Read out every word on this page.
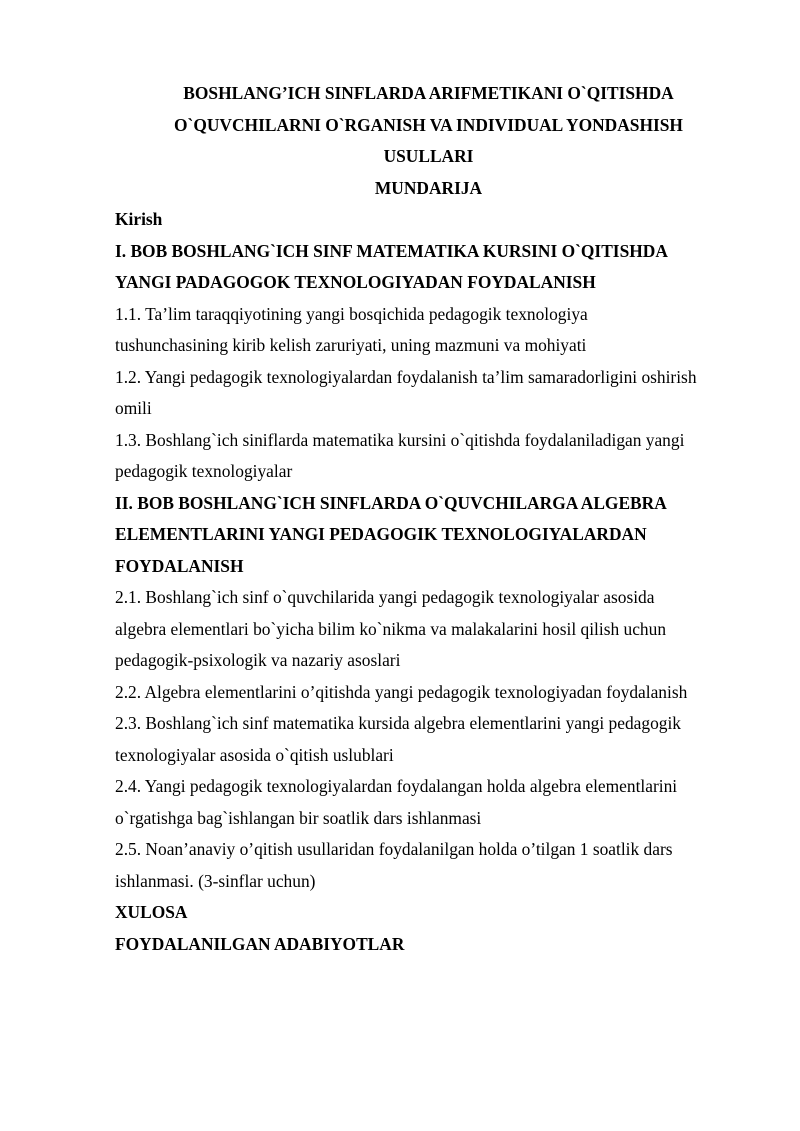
BOSHLANG’ICH SINFLARDA ARIFMETIKANI O`QITISHDA
O`QUVCHILARNI O`RGANISH VA INDIVIDUAL YONDASHISH
USULLARI
MUNDARIJA
Kirish
I. BOB BOSHLANG`ICH SINF MATEMATIKA KURSINI O`QITISHDA
YANGI PADAGOGOK TEXNOLOGIYADAN FOYDALANISH
1.1. Ta’lim taraqqiyotining yangi bosqichida pedagogik texnologiya
tushunchasining kirib kelish zaruriyati, uning mazmuni va mohiyati
1.2. Yangi pedagogik texnologiyalardan foydalanish ta’lim samaradorligini oshirish
omili
1.3. Boshlang`ich siniflarda matematika kursini o`qitishda foydalaniladigan yangi
pedagogik texnologiyalar
II. BOB BOSHLANG`ICH SINFLARDA O`QUVCHILARGA ALGEBRA
ELEMENTLARINI YANGI PEDAGOGIK TEXNOLOGIYALARDAN
FOYDALANISH
2.1. Boshlang`ich sinf o`quvchilarida yangi pedagogik texnologiyalar asosida
algebra elementlari bo`yicha bilim ko`nikma va malakalarini hosil qilish uchun
pedagogik-psixologik va nazariy asoslari
2.2. Algebra elementlarini o’qitishda yangi pedagogik texnologiyadan foydalanish
2.3. Boshlang`ich sinf matematika kursida algebra elementlarini yangi pedagogik
texnologiyalar asosida o`qitish uslublari
2.4. Yangi pedagogik texnologiyalardan foydalangan holda algebra elementlarini
o`rgatishga bag`ishlangan bir soatlik dars ishlanmasi
2.5. Noan’anaviy o’qitish usullaridan foydalanilgan holda o’tilgan 1 soatlik dars
ishlanmasi. (3-sinflar uchun)
XULOSA
FOYDALANILGAN ADABIYOTLAR
